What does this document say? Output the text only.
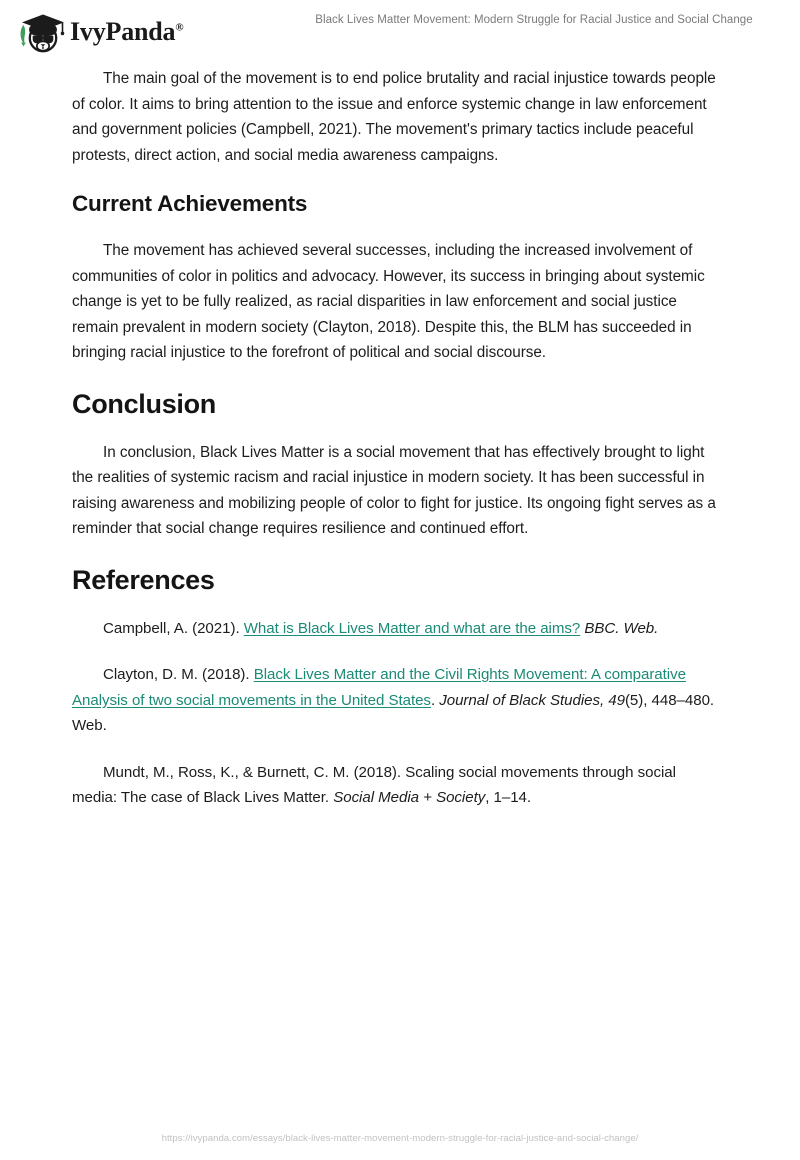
IvyPanda®
Black Lives Matter Movement: Modern Struggle for Racial Justice and Social Change

The main goal of the movement is to end police brutality and racial injustice towards people of color. It aims to bring attention to the issue and enforce systemic change in law enforcement and government policies (Campbell, 2021). The movement's primary tactics include peaceful protests, direct action, and social media awareness campaigns.

Current Achievements

The movement has achieved several successes, including the increased involvement of communities of color in politics and advocacy. However, its success in bringing about systemic change is yet to be fully realized, as racial disparities in law enforcement and social justice remain prevalent in modern society (Clayton, 2018). Despite this, the BLM has succeeded in bringing racial injustice to the forefront of political and social discourse.

Conclusion

In conclusion, Black Lives Matter is a social movement that has effectively brought to light the realities of systemic racism and racial injustice in modern society. It has been successful in raising awareness and mobilizing people of color to fight for justice. Its ongoing fight serves as a reminder that social change requires resilience and continued effort.

References

Campbell, A. (2021). What is Black Lives Matter and what are the aims? BBC. Web.

Clayton, D. M. (2018). Black Lives Matter and the Civil Rights Movement: A comparative Analysis of two social movements in the United States. Journal of Black Studies, 49(5), 448–480. Web.

Mundt, M., Ross, K., & Burnett, C. M. (2018). Scaling social movements through social media: The case of Black Lives Matter. Social Media + Society, 1–14.

https://ivypanda.com/essays/black-lives-matter-movement-modern-struggle-for-racial-justice-and-social-change/
